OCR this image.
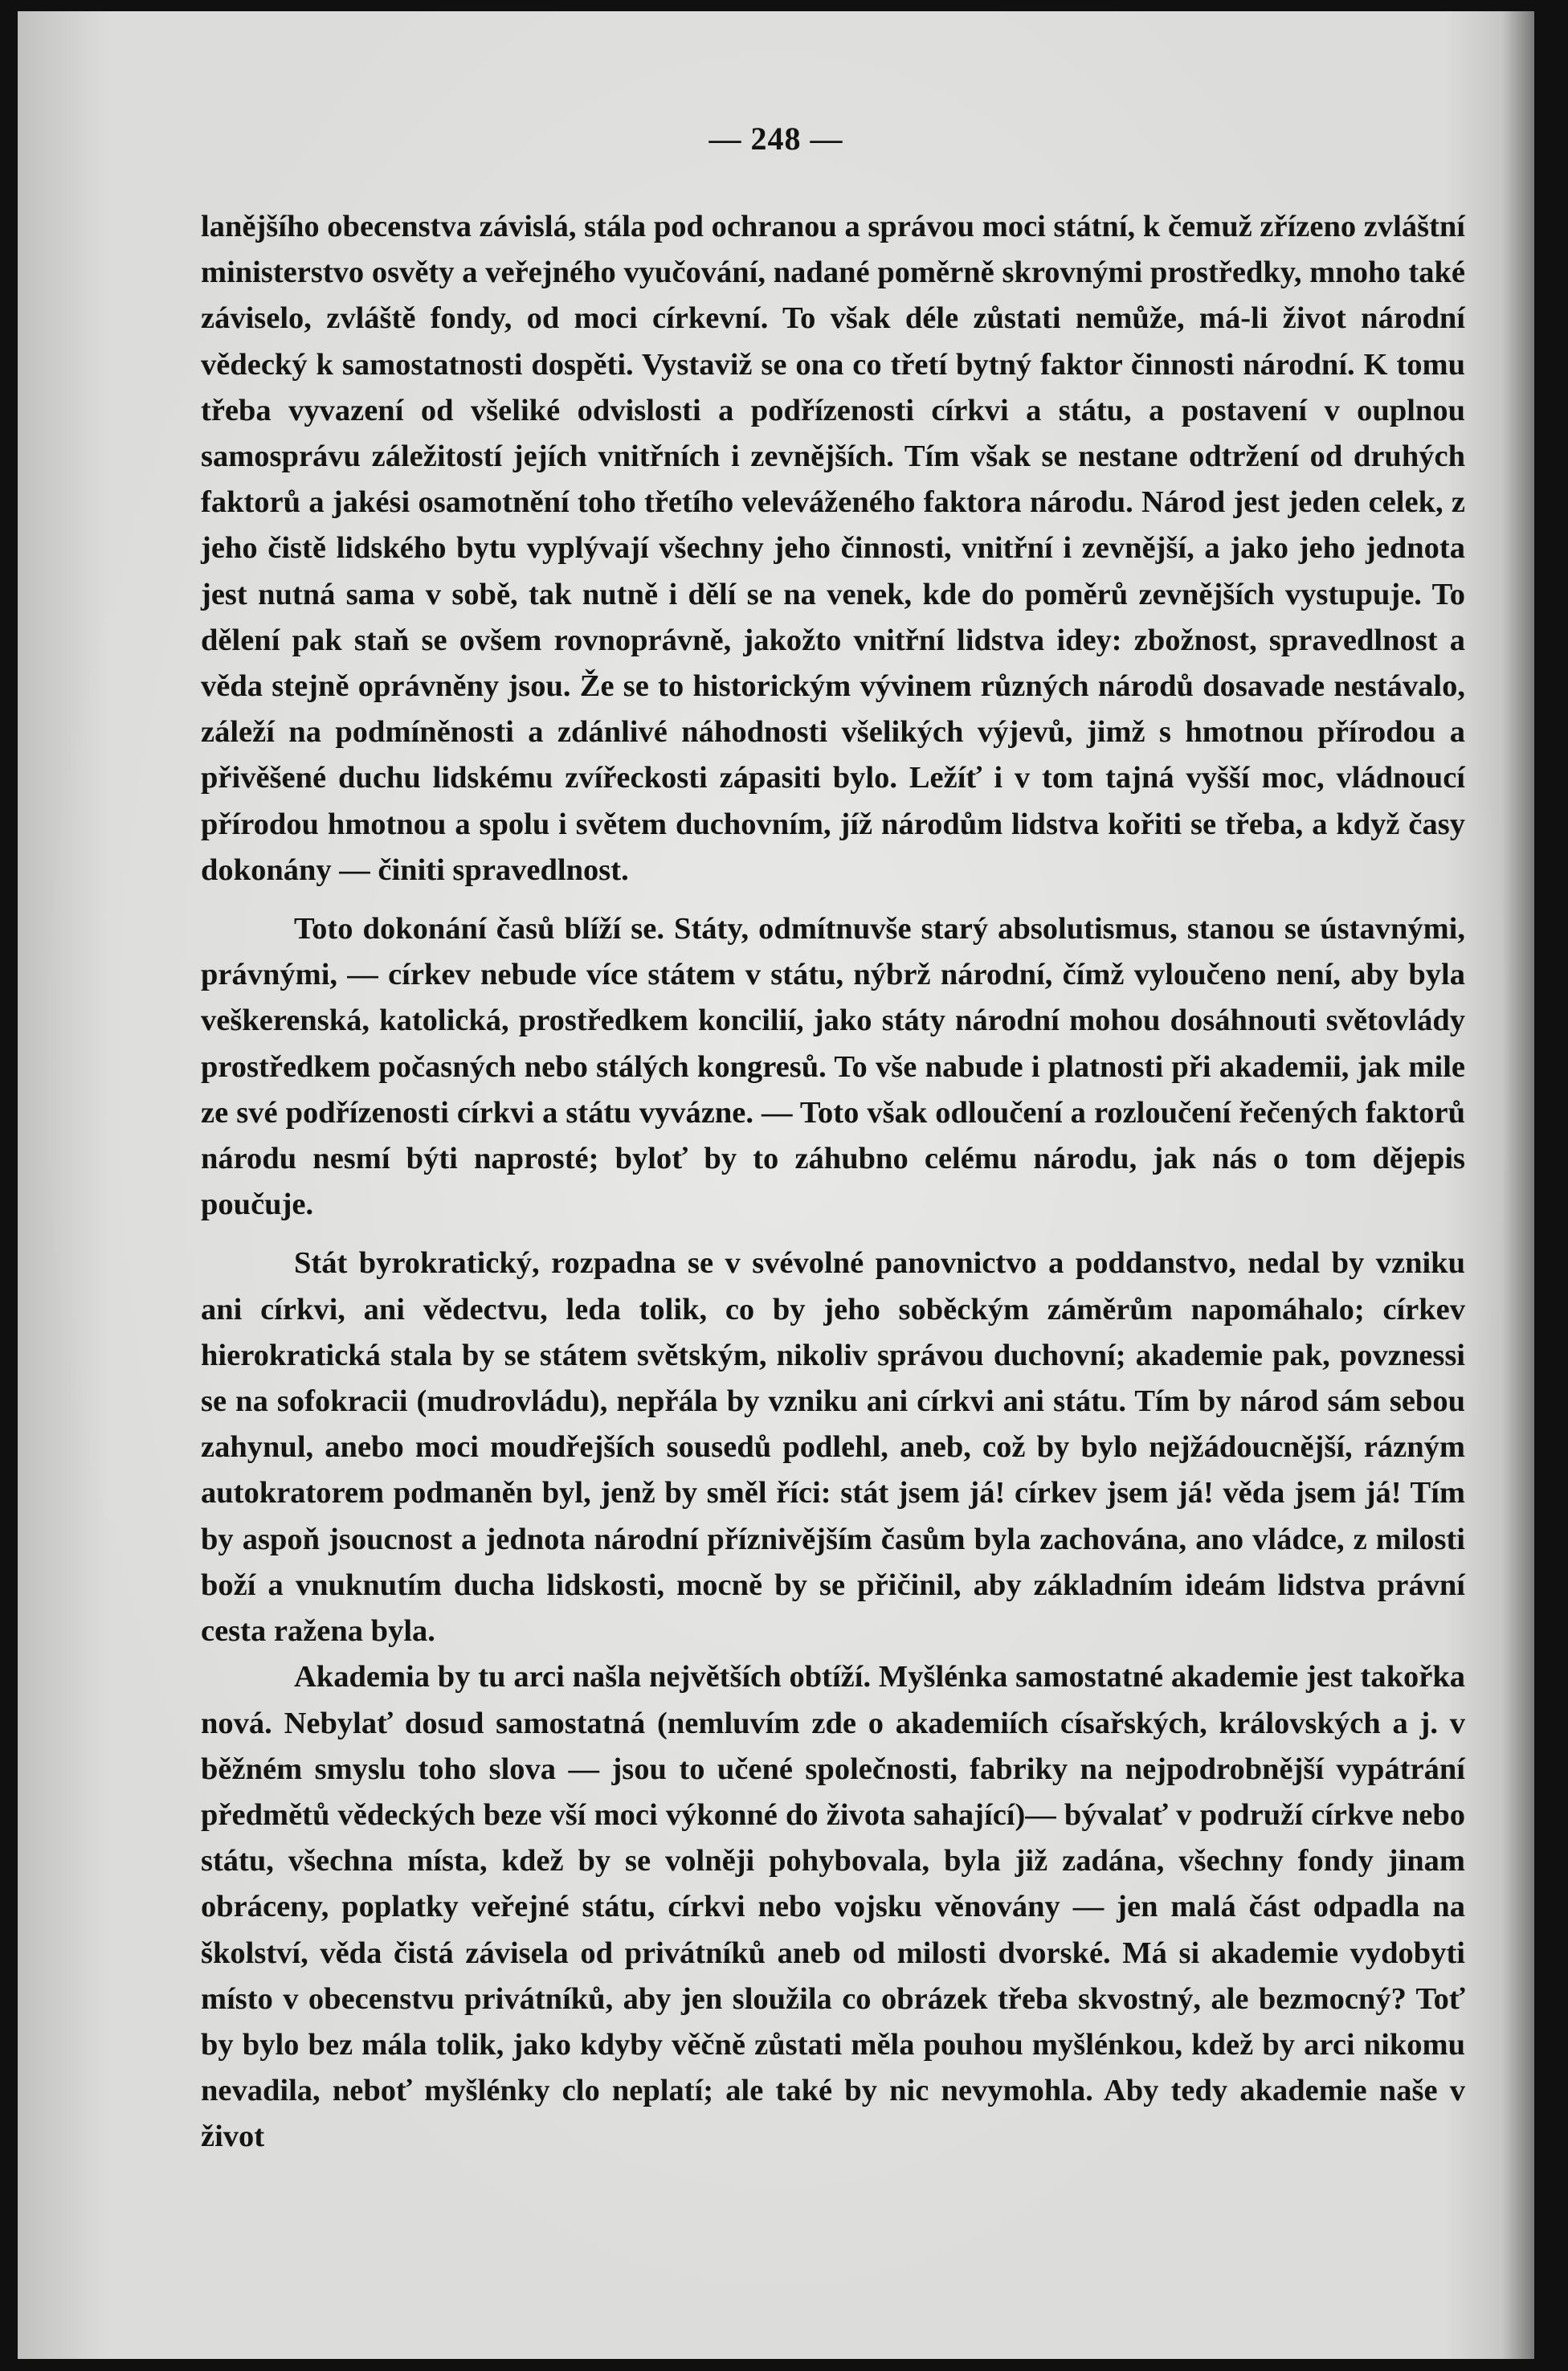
— 248 —

lanějšího obecenstva závislá, stála pod ochranou a správou moci státní, k čemuž zřízeno zvláštní ministerstvo osvěty a veřejného vyučování, nadané poměrně skrovnými prostředky, mnoho také záviselo, zvláště fondy, od moci církevní. To však déle zůstati nemůže, má-li život národní vědecký k samostatnosti dospěti. Vystaviž se ona co třetí bytný faktor činnosti národní. K tomu třeba vyvazení od všeliké odvislosti a podřízenosti církvi a státu, a postavení v ouplnou samosprávu záležitostí jejích vnitřních i zevnějších. Tím však se nestane odtržení od druhých faktorů a jakési osamotnění toho třetího veleváženého faktora národu. Národ jest jeden celek, z jeho čistě lidského bytu vyplývají všechny jeho činnosti, vnitřní i zevnější, a jako jeho jednota jest nutná sama v sobě, tak nutně i dělí se na venek, kde do poměrů zevnějších vystupuje. To dělení pak staň se ovšem rovnoprávně, jakožto vnitřní lidstva idey: zbožnost, spravedlnost a věda stejně oprávněny jsou. Že se to historickým vývinem různých národů dosavade nestávalo, záleží na podmíněnosti a zdánlivé náhodnosti všelikých výjevů, jimž s hmotnou přírodou a přivěšené duchu lidskému zvířeckosti zápasiti bylo. Ležíť i v tom tajná vyšší moc, vládnoucí přírodou hmotnou a spolu i světem duchovním, jíž národům lidstva kořiti se třeba, a když časy dokonány — činiti spravedlnost.

Toto dokonání časů blíží se. Státy, odmítnuvše starý absolutismus, stanou se ústavnými, právnými, — církev nebude více státem v státu, nýbrž národní, čímž vyloučeno není, aby byla veškerenská, katolická, prostředkem koncilií, jako státy národní mohou dosáhnouti světovlády prostředkem počasných nebo stálých kongresů. To vše nabude i platnosti při akademii, jak mile ze své podřízenosti církvi a státu vyvázne. — Toto však odloučení a rozloučení řečených faktorů národu nesmí býti naprosté; byloť by to záhubno celému národu, jak nás o tom dějepis poučuje.

Stát byrokratický, rozpadna se v svévolné panovnictvo a poddanstvo, nedal by vzniku ani církvi, ani vědectvu, leda tolik, co by jeho soběckým záměrům napomáhalo; církev hierokratická stala by se státem světským, nikoliv správou duchovní; akademie pak, povznessi se na sofokracii (mudrovládu), nepřála by vzniku ani církvi ani státu. Tím by národ sám sebou zahynul, anebo moci moudřejších sousedů podlehl, aneb, což by bylo nejžádoucnější, rázným autokratorem podmaněn byl, jenž by směl říci: stát jsem já! církev jsem já! věda jsem já! Tím by aspoň jsoucnost a jednota národní příznivějším časům byla zachována, ano vládce, z milosti boží a vnuknutím ducha lidskosti, mocně by se přičinil, aby základním ideám lidstva právní cesta ražena byla.

Akademia by tu arci našla největších obtíží. Myšlénka samostatné akademie jest takořka nová. Nebylať dosud samostatná (nemluvím zde o akademiích císařských, královských a j. v běžném smyslu toho slova — jsou to učené společnosti, fabriky na nejpodrobnější vypátrání předmětů vědeckých beze vší moci výkonné do života sahající)— bývalať v podruží církve nebo státu, všechna místa, kdež by se volněji pohybovala, byla již zadána, všechny fondy jinam obráceny, poplatky veřejné státu, církvi nebo vojsku věnovány — jen malá část odpadla na školství, věda čistá závisela od privátníků aneb od milosti dvorské. Má si akademie vydobyti místo v obecenstvu privátníků, aby jen sloužila co obrázek třeba skvostný, ale bezmocný? Toť by bylo bez mála tolik, jako kdyby věčně zůstati měla pouhou myšlénkou, kdež by arci nikomu nevadila, neboť myšlénky clo neplatí; ale také by nic nevymohla. Aby tedy akademie naše v život
